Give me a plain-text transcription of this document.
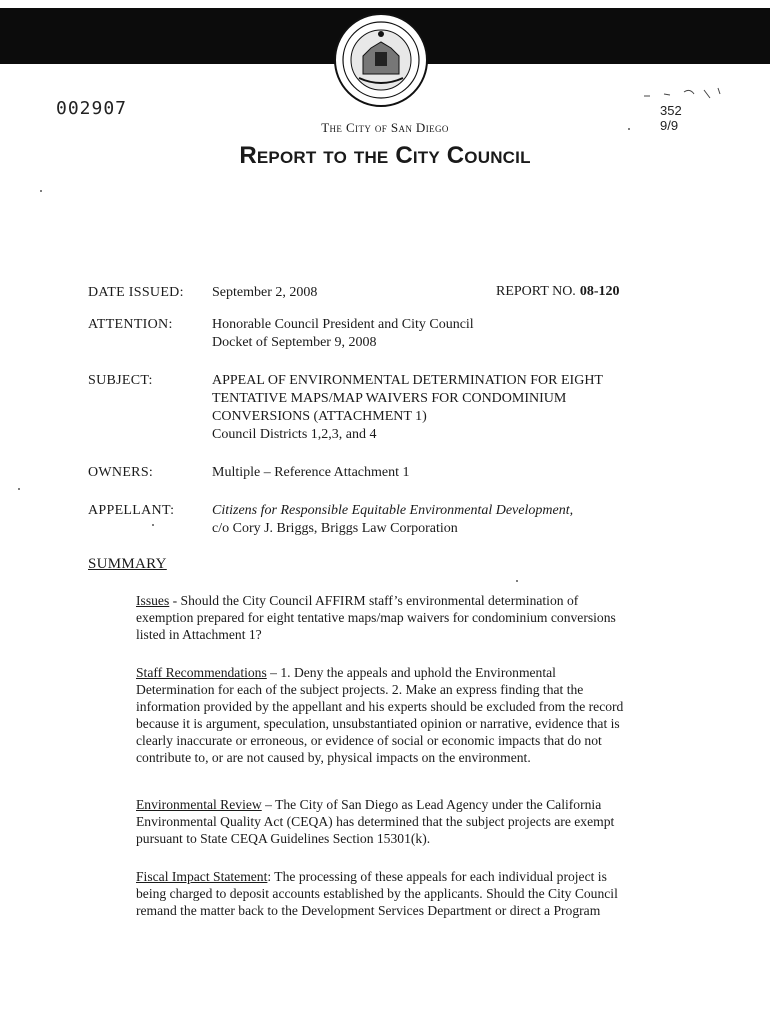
002907	352
9/9
The City of San Diego
Report to the City Council
DATE ISSUED:	September 2, 2008	REPORT NO. 08-120
ATTENTION:	Honorable Council President and City Council
Docket of September 9, 2008
SUBJECT:	APPEAL OF ENVIRONMENTAL DETERMINATION FOR EIGHT
TENTATIVE MAPS/MAP WAIVERS FOR CONDOMINIUM
CONVERSIONS (ATTACHMENT 1)
Council Districts 1,2,3, and 4
OWNERS:	Multiple – Reference Attachment 1
APPELLANT:	Citizens for Responsible Equitable Environmental Development,
c/o Cory J. Briggs, Briggs Law Corporation
SUMMARY

Issues - Should the City Council AFFIRM staff’s environmental determination of

exemption prepared for eight tentative maps/map waivers for condominium conversions

listed in Attachment 1?

Staff Recommendations – 1. Deny the appeals and uphold the Environmental

Determination for each of the subject projects. 2. Make an express finding that the

information provided by the appellant and his experts should be excluded from the record

because it is argument, speculation, unsubstantiated opinion or narrative, evidence that is

clearly inaccurate or erroneous, or evidence of social or economic impacts that do not

contribute to, or are not caused by, physical impacts on the environment.

Environmental Review – The City of San Diego as Lead Agency under the California

Environmental Quality Act (CEQA) has determined that the subject projects are exempt

pursuant to State CEQA Guidelines Section 15301(k).

Fiscal Impact Statement: The processing of these appeals for each individual project is

being charged to deposit accounts established by the applicants. Should the City Council

remand the matter back to the Development Services Department or direct a Program
